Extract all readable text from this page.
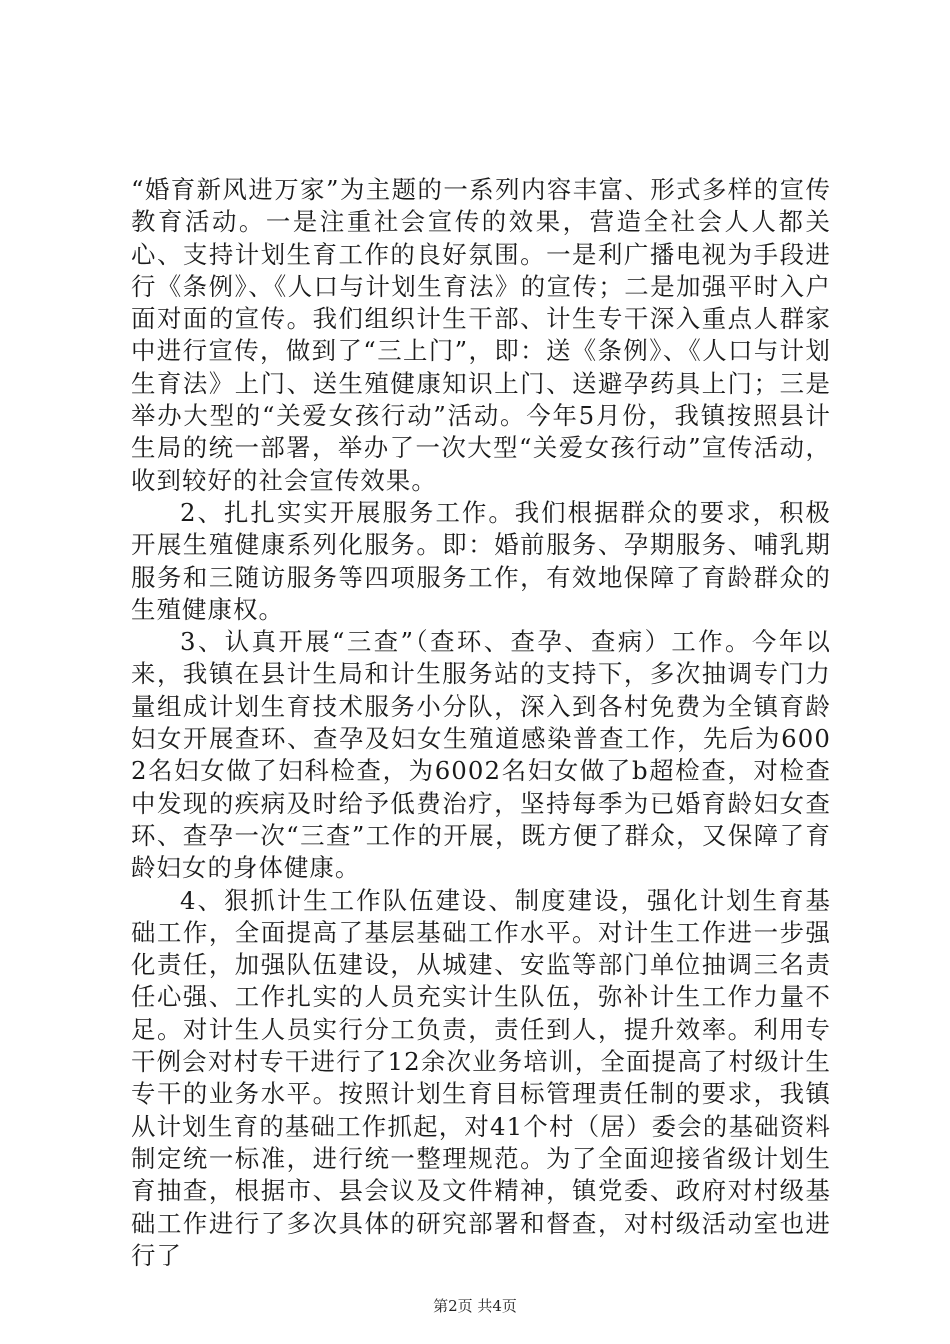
“婚育新风进万家”为主题的一系列内容丰富、形式多样的宣传教育活动。一是注重社会宣传的效果，营造全社会人人都关心、支持计划生育工作的良好氛围。一是利广播电视为手段进行《条例》、《人口与计划生育法》的宣传；二是加强平时入户面对面的宣传。我们组织计生干部、计生专干深入重点人群家中进行宣传，做到了“三上门”，即：送《条例》、《人口与计划生育法》上门、送生殖健康知识上门、送避孕药具上门；三是举办大型的“关爱女孩行动”活动。今年5月份，我镇按照县计生局的统一部署，举办了一次大型“关爱女孩行动”宣传活动，收到较好的社会宣传效果。

2、扎扎实实开展服务工作。我们根据群众的要求，积极开展生殖健康系列化服务。即：婚前服务、孕期服务、哺乳期服务和三随访服务等四项服务工作，有效地保障了育龄群众的生殖健康权。

3、认真开展“三查”（查环、查孕、查病）工作。今年以来，我镇在县计生局和计生服务站的支持下，多次抽调专门力量组成计划生育技术服务小分队，深入到各村免费为全镇育龄妇女开展查环、查孕及妇女生殖道感染普查工作，先后为6002名妇女做了妇科检查，为6002名妇女做了b超检查，对检查中发现的疾病及时给予低费治疗，坚持每季为已婚育龄妇女查环、查孕一次“三查”工作的开展，既方便了群众，又保障了育龄妇女的身体健康。

4、狠抓计生工作队伍建设、制度建设，强化计划生育基础工作，全面提高了基层基础工作水平。对计生工作进一步强化责任，加强队伍建设，从城建、安监等部门单位抽调三名责任心强、工作扎实的人员充实计生队伍，弥补计生工作力量不足。对计生人员实行分工负责，责任到人，提升效率。利用专干例会对村专干进行了12余次业务培训，全面提高了村级计生专干的业务水平。按照计划生育目标管理责任制的要求，我镇从计划生育的基础工作抓起，对41个村（居）委会的基础资料制定统一标准，进行统一整理规范。为了全面迎接省级计划生育抽查，根据市、县会议及文件精神，镇党委、政府对村级基础工作进行了多次具体的研究部署和督查，对村级活动室也进行了

第2页 共4页
